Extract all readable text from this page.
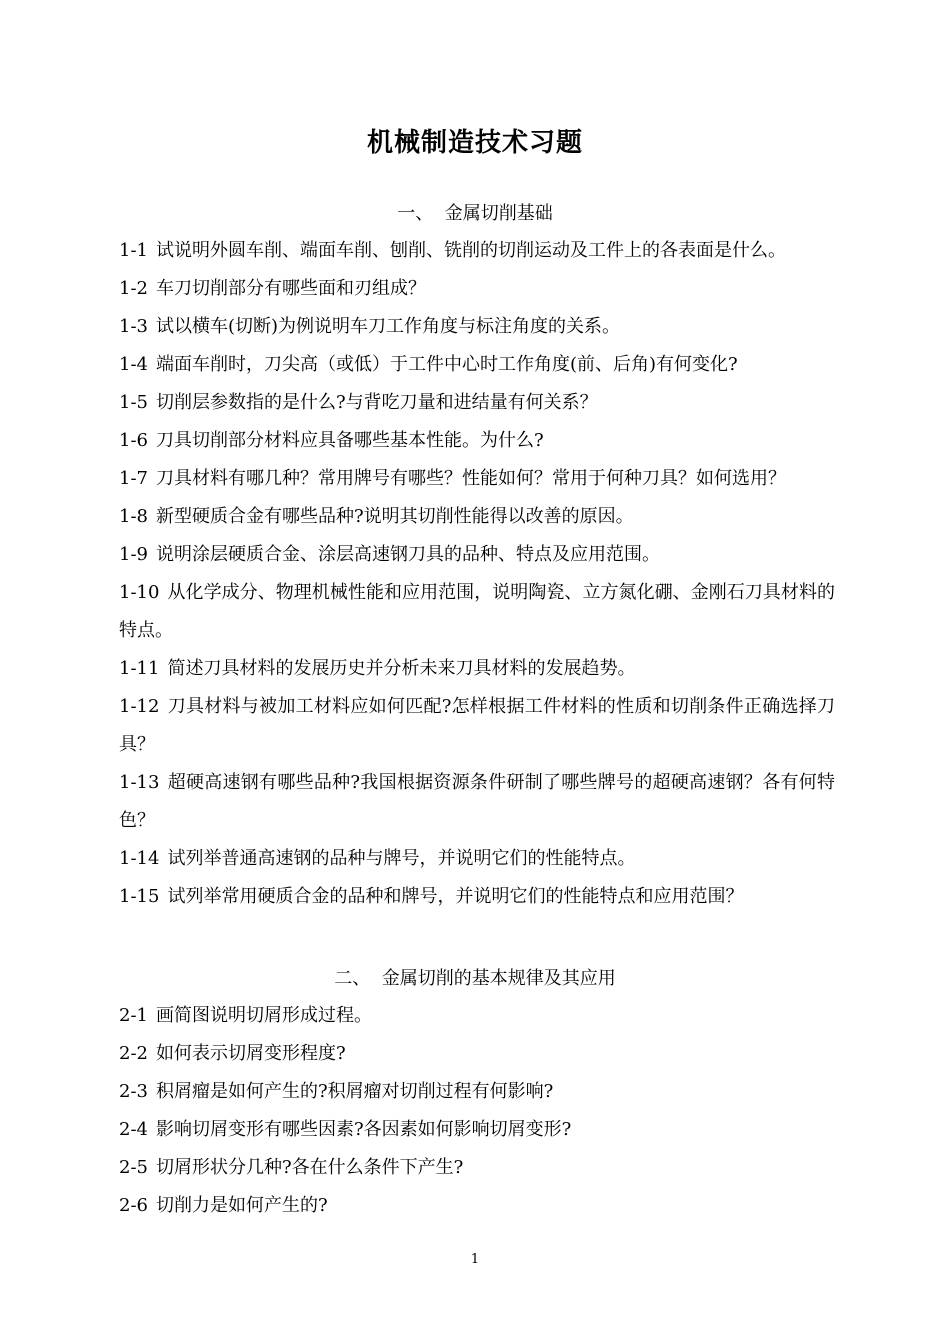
机械制造技术习题
一、  金属切削基础

1-1 试说明外圆车削、端面车削、刨削、铣削的切削运动及工件上的各表面是什么。

1-2 车刀切削部分有哪些面和刃组成？

1-3 试以横车(切断)为例说明车刀工作角度与标注角度的关系。

1-4 端面车削时，刀尖高（或低）于工件中心时工作角度(前、后角)有何变化?

1-5 切削层参数指的是什么?与背吃刀量和进结量有何关系？

1-6 刀具切削部分材料应具备哪些基本性能。为什么?

1-7 刀具材料有哪几种？常用牌号有哪些？性能如何？常用于何种刀具？如何选用？

1-8 新型硬质合金有哪些品种?说明其切削性能得以改善的原因。

1-9 说明涂层硬质合金、涂层高速钢刀具的品种、特点及应用范围。

1-10 从化学成分、物理机械性能和应用范围，说明陶瓷、立方氮化硼、金刚石刀具材料的特点。

1-11 简述刀具材料的发展历史并分析未来刀具材料的发展趋势。

1-12 刀具材料与被加工材料应如何匹配?怎样根据工件材料的性质和切削条件正确选择刀具？

1-13 超硬高速钢有哪些品种?我国根据资源条件研制了哪些牌号的超硬高速钢？各有何特色？

1-14 试列举普通高速钢的品种与牌号，并说明它们的性能特点。

1-15 试列举常用硬质合金的品种和牌号，并说明它们的性能特点和应用范围？

二、  金属切削的基本规律及其应用

2-1 画简图说明切屑形成过程。

2-2 如何表示切屑变形程度?

2-3 积屑瘤是如何产生的?积屑瘤对切削过程有何影响?

2-4 影响切屑变形有哪些因素?各因素如何影响切屑变形?

2-5 切屑形状分几种?各在什么条件下产生?

2-6 切削力是如何产生的?

1
